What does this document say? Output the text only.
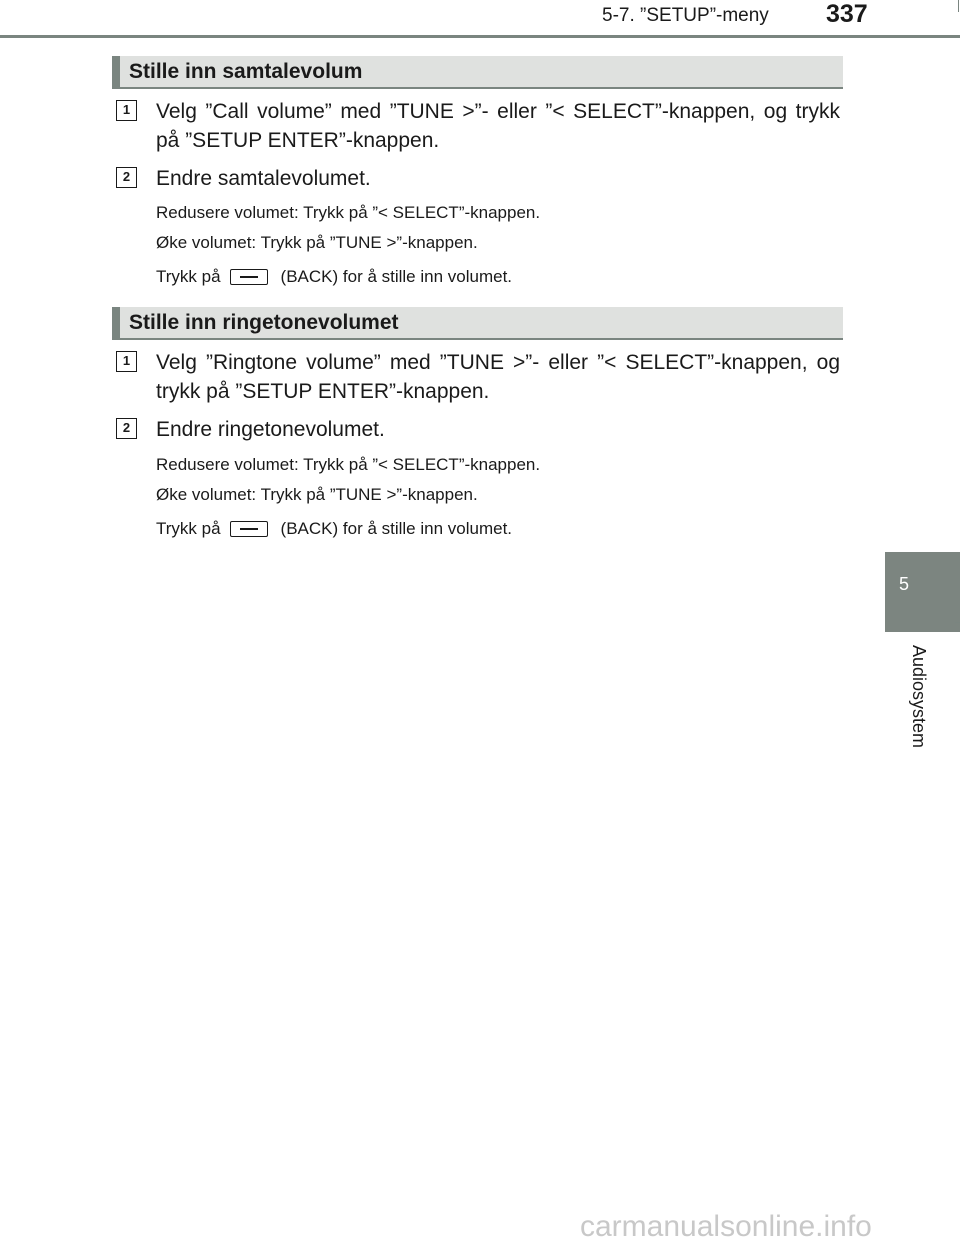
5-7. ”SETUP”-meny 337
5
Audiosystem
Stille inn samtalevolum
1	Velg ”Call volume” med ”TUNE >”- eller ”< SELECT”-knappen, og trykk på ”SETUP ENTER”-knappen.
2	Endre samtalevolumet.
Redusere volumet: Trykk på ”< SELECT”-knappen.
Øke volumet: Trykk på ”TUNE >”-knappen.
Trykk på	(BACK) for å stille inn volumet.
Stille inn ringetonevolumet
1	Velg ”Ringtone volume” med ”TUNE >”- eller ”< SELECT”-knappen, og trykk på ”SETUP ENTER”-knappen.
2	Endre ringetonevolumet.
Redusere volumet: Trykk på ”< SELECT”-knappen.
Øke volumet: Trykk på ”TUNE >”-knappen.
Trykk på	(BACK) for å stille inn volumet.
carmanualsonline.info
